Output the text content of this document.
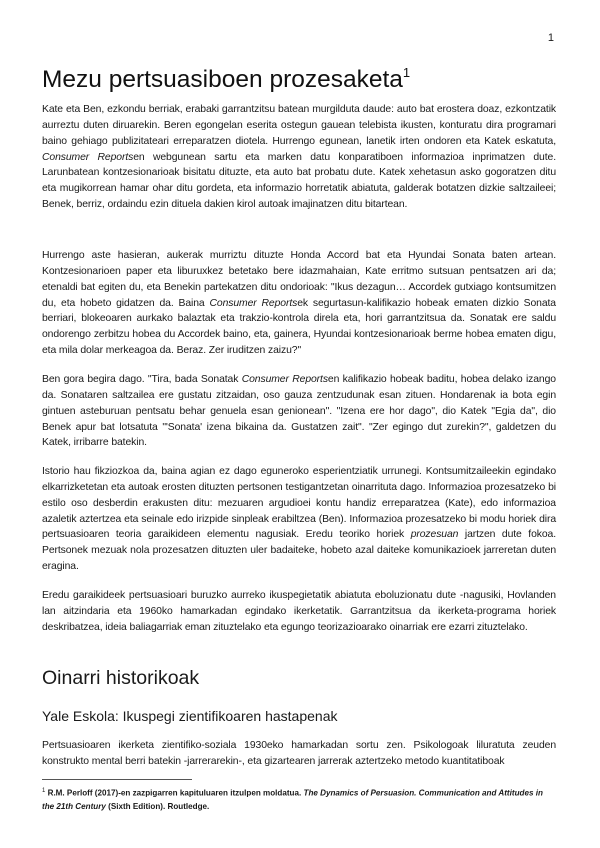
1
Mezu pertsuasiboen prozesaketa$^1$

Kate eta Ben, ezkondu berriak, erabaki garrantzitsu batean murgilduta daude: auto bat erostera doaz, ezkontzatik aurreztu duten diruarekin. Beren egongelan eserita ostegun gauean telebista ikusten, konturatu dira programari baino gehiago publizitateari erreparatzen diotela. Hurrengo egunean, lanetik irten ondoren eta Katek eskatuta, Consumer Reportsen webgunean sartu eta marken datu konparatiboen informazioa inprimatzen dute. Larunbatean kontzesionarioak bisitatu dituzte, eta auto bat probatu dute. Katek xehetasun asko gogoratzen ditu eta mugikorrean hamar ohar ditu gordeta, eta informazio horretatik abiatuta, galderak botatzen dizkie saltzaileei; Benek, berriz, ordaindu ezin dituela dakien kirol autoak imajinatzen ditu bitartean.

Hurrengo aste hasieran, aukerak murriztu dituzte Honda Accord bat eta Hyundai Sonata baten artean. Kontzesionarioen paper eta liburuxkez betetako bere idazmahaian, Kate erritmo sutsuan pentsatzen ari da; etenaldi bat egiten du, eta Benekin partekatzen ditu ondorioak: "Ikus dezagun… Accordek gutxiago kontsumitzen du, eta hobeto gidatzen da. Baina Consumer Reportsek segurtasun-kalifikazio hobeak ematen dizkio Sonata berriari, blokeoaren aurkako balaztak eta trakzio-kontrola direla eta, hori garrantzitsua da. Sonatak ere saldu ondorengo zerbitzu hobea du Accordek baino, eta, gainera, Hyundai kontzesionarioak berme hobea ematen digu, eta mila dolar merkeagoa da. Beraz. Zer iruditzen zaizu?"

Ben gora begira dago. "Tira, bada Sonatak Consumer Reportsen kalifikazio hobeak baditu, hobea delako izango da. Sonataren saltzailea ere gustatu zitzaidan, oso gauza zentzudunak esan zituen. Hondarenak ia bota egin gintuen asteburuan pentsatu behar genuela esan genionean". "Izena ere hor dago", dio Katek "Egia da", dio Benek apur bat lotsatuta "'Sonata' izena bikaina da. Gustatzen zait". "Zer egingo dut zurekin?", galdetzen du Katek, irribarre batekin.

Istorio hau fikziozkoa da, baina agian ez dago eguneroko esperientziatik urrunegi. Kontsumitzaileekin egindako elkarrizketetan eta autoak erosten dituzten pertsonen testigantzetan oinarrituta dago. Informazioa prozesatzeko bi estilo oso desberdin erakusten ditu: mezuaren argudioei kontu handiz erreparatzea (Kate), edo informazioa azaletik aztertzea eta seinale edo irizpide sinpleak erabiltzea (Ben). Informazioa prozesatzeko bi modu horiek dira pertsuasioaren teoria garaikideen elementu nagusiak. Eredu teoriko horiek prozesuan jartzen dute fokoa. Pertsonek mezuak nola prozesatzen dituzten uler badaiteke, hobeto azal daiteke komunikazioek jarreretan duten eragina.

Eredu garaikideek pertsuasioari buruzko aurreko ikuspegietatik abiatuta eboluzionatu dute -nagusiki, Hovlanden lan aitzindaria eta 1960ko hamarkadan egindako ikerketatik. Garrantzitsua da ikerketa-programa horiek deskribatzea, ideia baliagarriak eman zituztelako eta egungo teorizazioarako oinarriak ere ezarri zituztelako.

Oinarri historikoak
Yale Eskola: Ikuspegi zientifikoaren hastapenak

Pertsuasioaren ikerketa zientifiko-soziala 1930eko hamarkadan sortu zen. Psikologoak liluratuta zeuden konstrukto mental berri batekin -jarrerarekin-, eta gizartearen jarrerak aztertzeko metodo kuantitatiboak

$^1$ R.M. Perloff (2017)-en zazpigarren kapituluaren itzulpen moldatua. The Dynamics of Persuasion. Communication and Attitudes in the 21th Century (Sixth Edition). Routledge.
